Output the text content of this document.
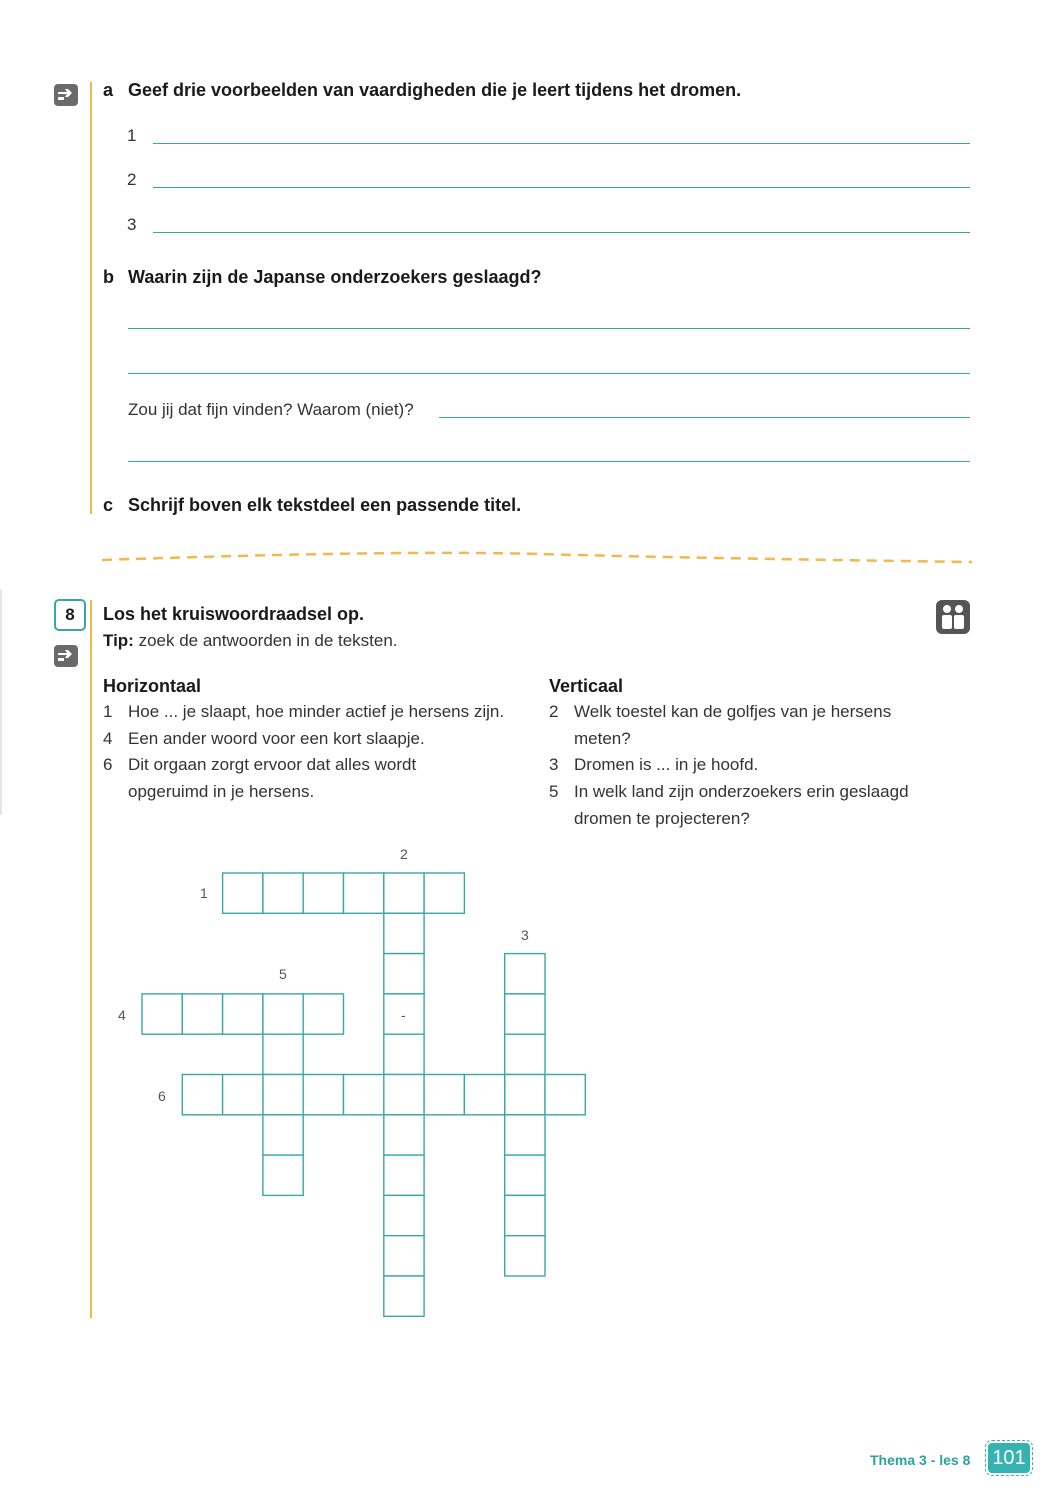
a Geef drie voorbeelden van vaardigheden die je leert tijdens het dromen.
1
2
3
b Waarin zijn de Japanse onderzoekers geslaagd?
Zou jij dat fijn vinden? Waarom (niet)?
c Schrijf boven elk tekstdeel een passende titel.
8	Los het kruiswoordraadsel op.
Tip: zoek de antwoorden in de teksten.
Horizontaal
1 Hoe ... je slaapt, hoe minder actief je hersens zijn.
4 Een ander woord voor een kort slaapje.
6 Dit orgaan zorgt ervoor dat alles wordt opgeruimd in je hersens.
Verticaal
2 Welk toestel kan de golfjes van je hersens meten?
3 Dromen is ... in je hoofd.
5 In welk land zijn onderzoekers erin geslaagd dromen te projecteren?
1
2
3
4
5
6
-
Thema 3 - les 8 101
